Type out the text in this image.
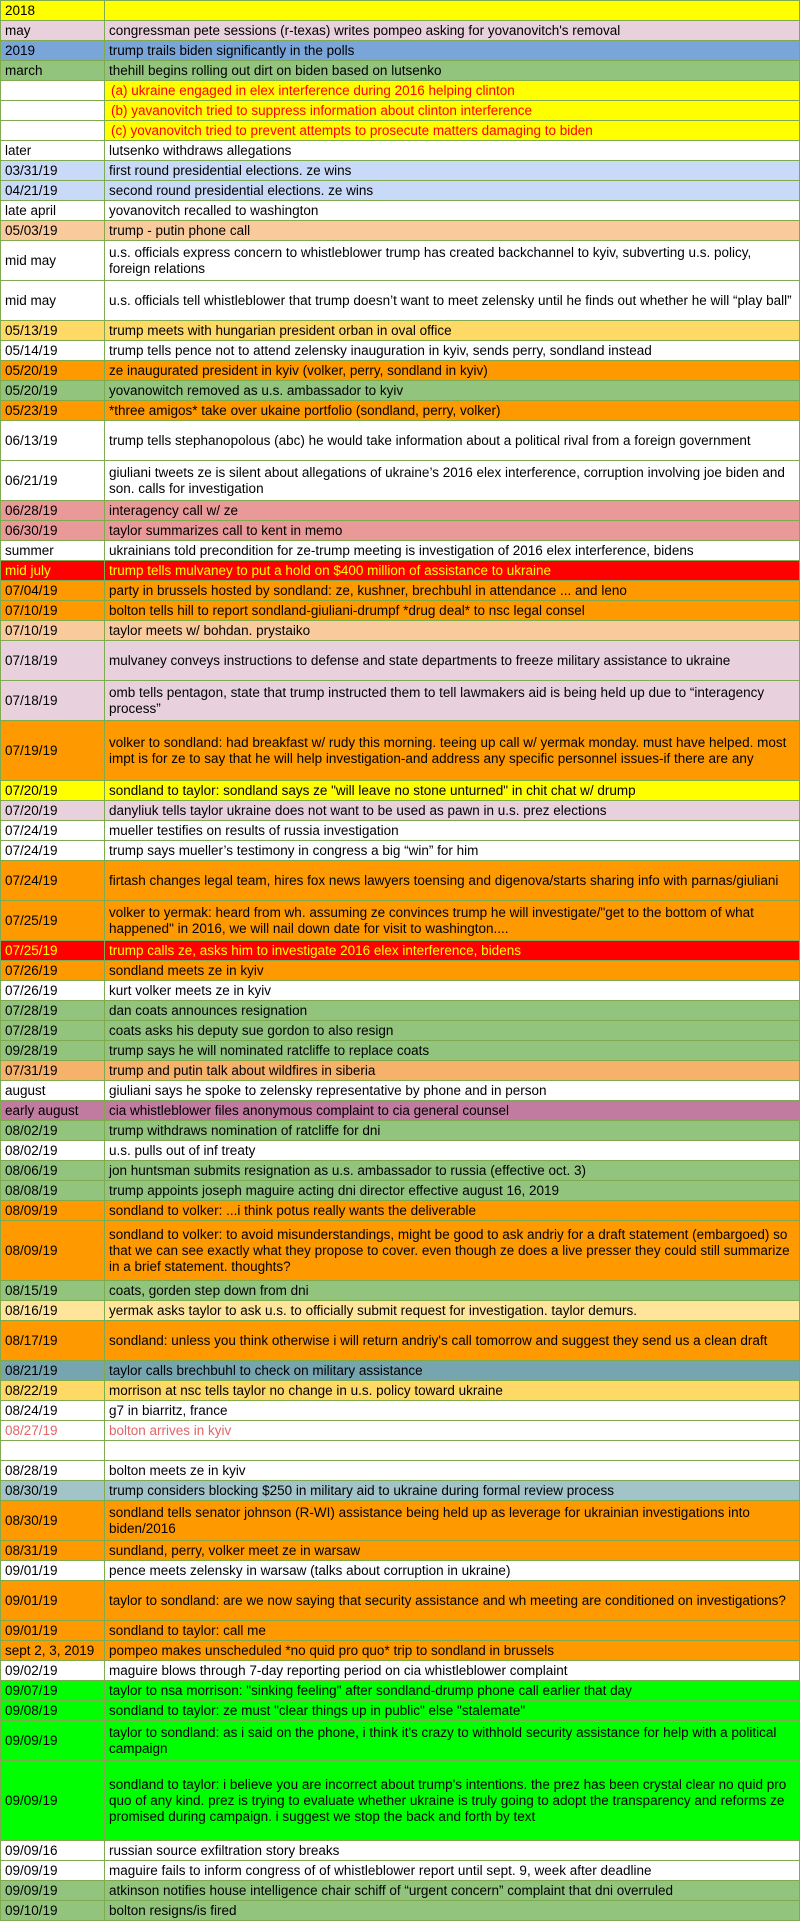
2018	
may	congressman pete sessions (r-texas) writes pompeo asking for yovanovitch's removal
2019	trump trails biden significantly in the polls
march	thehill begins rolling out dirt on biden based on lutsenko
	(a) ukraine engaged in elex interference during 2016 helping clinton
	(b) yavanovitch tried to suppress information about clinton interference
	(c) yovanovitch tried to prevent attempts to prosecute matters damaging to biden
later	lutsenko withdraws allegations
03/31/19	first round presidential elections. ze wins
04/21/19	second round presidential elections. ze wins
late april	yovanovitch recalled to washington
05/03/19	trump - putin phone call
mid may	u.s. officials express concern to whistleblower trump has created backchannel to kyiv, subverting u.s. policy, foreign relations
mid may	u.s. officials tell whistleblower that trump doesn’t want to meet zelensky until he finds out whether he will “play ball”
05/13/19	trump meets with hungarian president orban in oval office
05/14/19	trump tells pence not to attend zelensky inauguration in kyiv, sends perry, sondland instead
05/20/19	ze inaugurated president in kyiv (volker, perry, sondland in kyiv)
05/20/19	yovanowitch removed as u.s. ambassador to kyiv
05/23/19	*three amigos* take over ukaine portfolio (sondland, perry, volker)
06/13/19	trump tells stephanopolous (abc) he would take information about a political rival from a foreign government
06/21/19	giuliani tweets ze is silent about allegations of ukraine’s 2016 elex interference, corruption involving joe biden and son. calls for investigation
06/28/19	interagency call w/ ze
06/30/19	taylor summarizes call to kent in memo
summer	ukrainians told precondition for ze-trump meeting is investigation of 2016 elex interference, bidens
mid july	trump tells mulvaney to put a hold on $400 million of assistance to ukraine
07/04/19	party in brussels hosted by sondland: ze, kushner, brechbuhl in attendance ... and leno
07/10/19	bolton tells hill to report sondland-giuliani-drumpf *drug deal* to nsc legal consel
07/10/19	taylor meets w/ bohdan. prystaiko
07/18/19	mulvaney conveys instructions to defense and state departments to freeze military assistance to ukraine
07/18/19	omb tells pentagon, state that trump instructed them to tell lawmakers aid is being held up due to “interagency process”
07/19/19	volker to sondland: had breakfast w/ rudy this morning. teeing up call w/ yermak monday. must have helped. most impt is for ze to say that he will help investigation-and address any specific personnel issues-if there are any
07/20/19	sondland to taylor: sondland says ze "will leave no stone unturned" in chit chat w/ drump
07/20/19	danyliuk tells taylor ukraine does not want to be used as pawn in u.s. prez elections
07/24/19	mueller testifies on results of russia investigation
07/24/19	trump says mueller’s testimony in congress a big “win” for him
07/24/19	firtash changes legal team, hires fox news lawyers toensing and digenova/starts sharing info with parnas/giuliani
07/25/19	volker to yermak: heard from wh. assuming ze convinces trump he will investigate/"get to the bottom of what happened" in 2016, we will nail down date for visit to washington....
07/25/19	trump calls ze, asks him to investigate 2016 elex interference, bidens
07/26/19	sondland meets ze in kyiv
07/26/19	kurt volker meets ze in kyiv
07/28/19	dan coats announces resignation
07/28/19	coats asks his deputy sue gordon to also resign
09/28/19	trump says he will nominated ratcliffe to replace coats
07/31/19	trump and putin talk about wildfires in siberia
august	giuliani says he spoke to zelensky representative by phone and in person
early august	cia whistleblower files anonymous complaint to cia general counsel
08/02/19	trump withdraws nomination of ratcliffe for dni
08/02/19	u.s. pulls out of inf treaty
08/06/19	jon huntsman submits resignation as u.s. ambassador to russia (effective oct. 3)
08/08/19	trump appoints joseph maguire acting dni director effective august 16, 2019
08/09/19	sondland to volker: ...i think potus really wants the deliverable
08/09/19	sondland to volker: to avoid misunderstandings, might be good to ask andriy for a draft statement (embargoed) so that we can see exactly what they propose to cover. even though ze does a live presser they could still summarize in a brief statement. thoughts?
08/15/19	coats, gorden step down from dni
08/16/19	yermak asks taylor to ask u.s. to officially submit request for investigation. taylor demurs.
08/17/19	sondland: unless you think otherwise i will return andriy's call tomorrow and suggest they send us a clean draft
08/21/19	taylor calls brechbuhl to check on military assistance
08/22/19	morrison at nsc tells taylor no change in u.s. policy toward ukraine
08/24/19	g7 in biarritz, france
08/27/19	bolton arrives in kyiv

08/28/19	bolton meets ze in kyiv
08/30/19	trump considers blocking $250 in military aid to ukraine during formal review process
08/30/19	sondland tells senator johnson (R-WI) assistance being held up as leverage for ukrainian investigations into biden/2016
08/31/19	sundland, perry, volker meet ze in warsaw
09/01/19	pence meets zelensky in warsaw (talks about corruption in ukraine)
09/01/19	taylor to sondland: are we now saying that security assistance and wh meeting are conditioned on investigations?
09/01/19	sondland to taylor: call me
sept 2, 3, 2019	pompeo makes unscheduled *no quid pro quo* trip to sondland in brussels
09/02/19	maguire blows through 7-day reporting period on cia whistleblower complaint
09/07/19	taylor to nsa morrison: "sinking feeling" after sondland-drump phone call earlier that day
09/08/19	sondland to taylor: ze must "clear things up in public" else "stalemate"
09/09/19	taylor to sondland: as i said on the phone, i think it's crazy to withhold security assistance for help with a political campaign
09/09/19	sondland to taylor: i believe you are incorrect about trump's intentions. the prez has been crystal clear no quid pro quo of any kind. prez is trying to evaluate whether ukraine is truly going to adopt the transparency and reforms ze promised during campaign. i suggest we stop the back and forth by text
09/09/16	russian source exfiltration story breaks
09/09/19	maguire fails to inform congress of of whistleblower report until sept. 9, week after deadline
09/09/19	atkinson notifies house intelligence chair schiff of “urgent concern” complaint that dni overruled
09/10/19	bolton resigns/is fired
